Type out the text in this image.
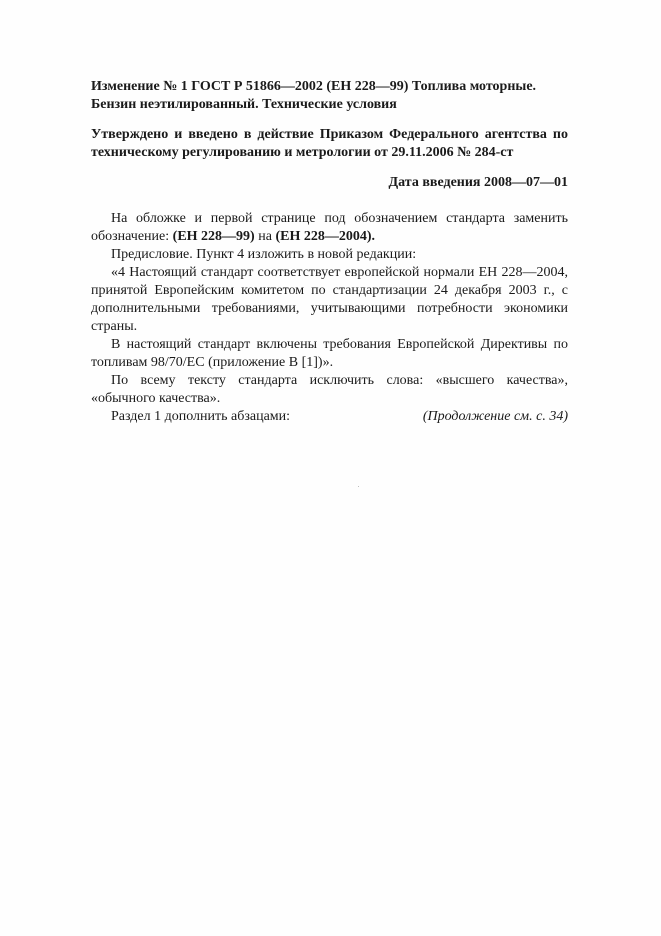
Изменение № 1 ГОСТ Р 51866—2002 (ЕН 228—99) Топлива моторные.
Бензин неэтилированный. Технические условия

Утверждено и введено в действие Приказом Федерального агентства по техническому регулированию и метрологии от 29.11.2006 № 284-ст

Дата введения 2008—07—01

На обложке и первой странице под обозначением стандарта заменить обозначение: (ЕН 228—99) на (ЕН 228—2004).

Предисловие. Пункт 4 изложить в новой редакции:

«4 Настоящий стандарт соответствует европейской нормали ЕН 228—2004, принятой Европейским комитетом по стандартизации 24 декабря 2003 г., с дополнительными требованиями, учитывающими потребности экономики страны.

В настоящий стандарт включены требования Европейской Директивы по топливам 98/70/ЕС (приложение В [1])».

По всему тексту стандарта исключить слова: «высшего качества», «обычного качества».

Раздел 1 дополнить абзацами:	(Продолжение см. с. 34)
